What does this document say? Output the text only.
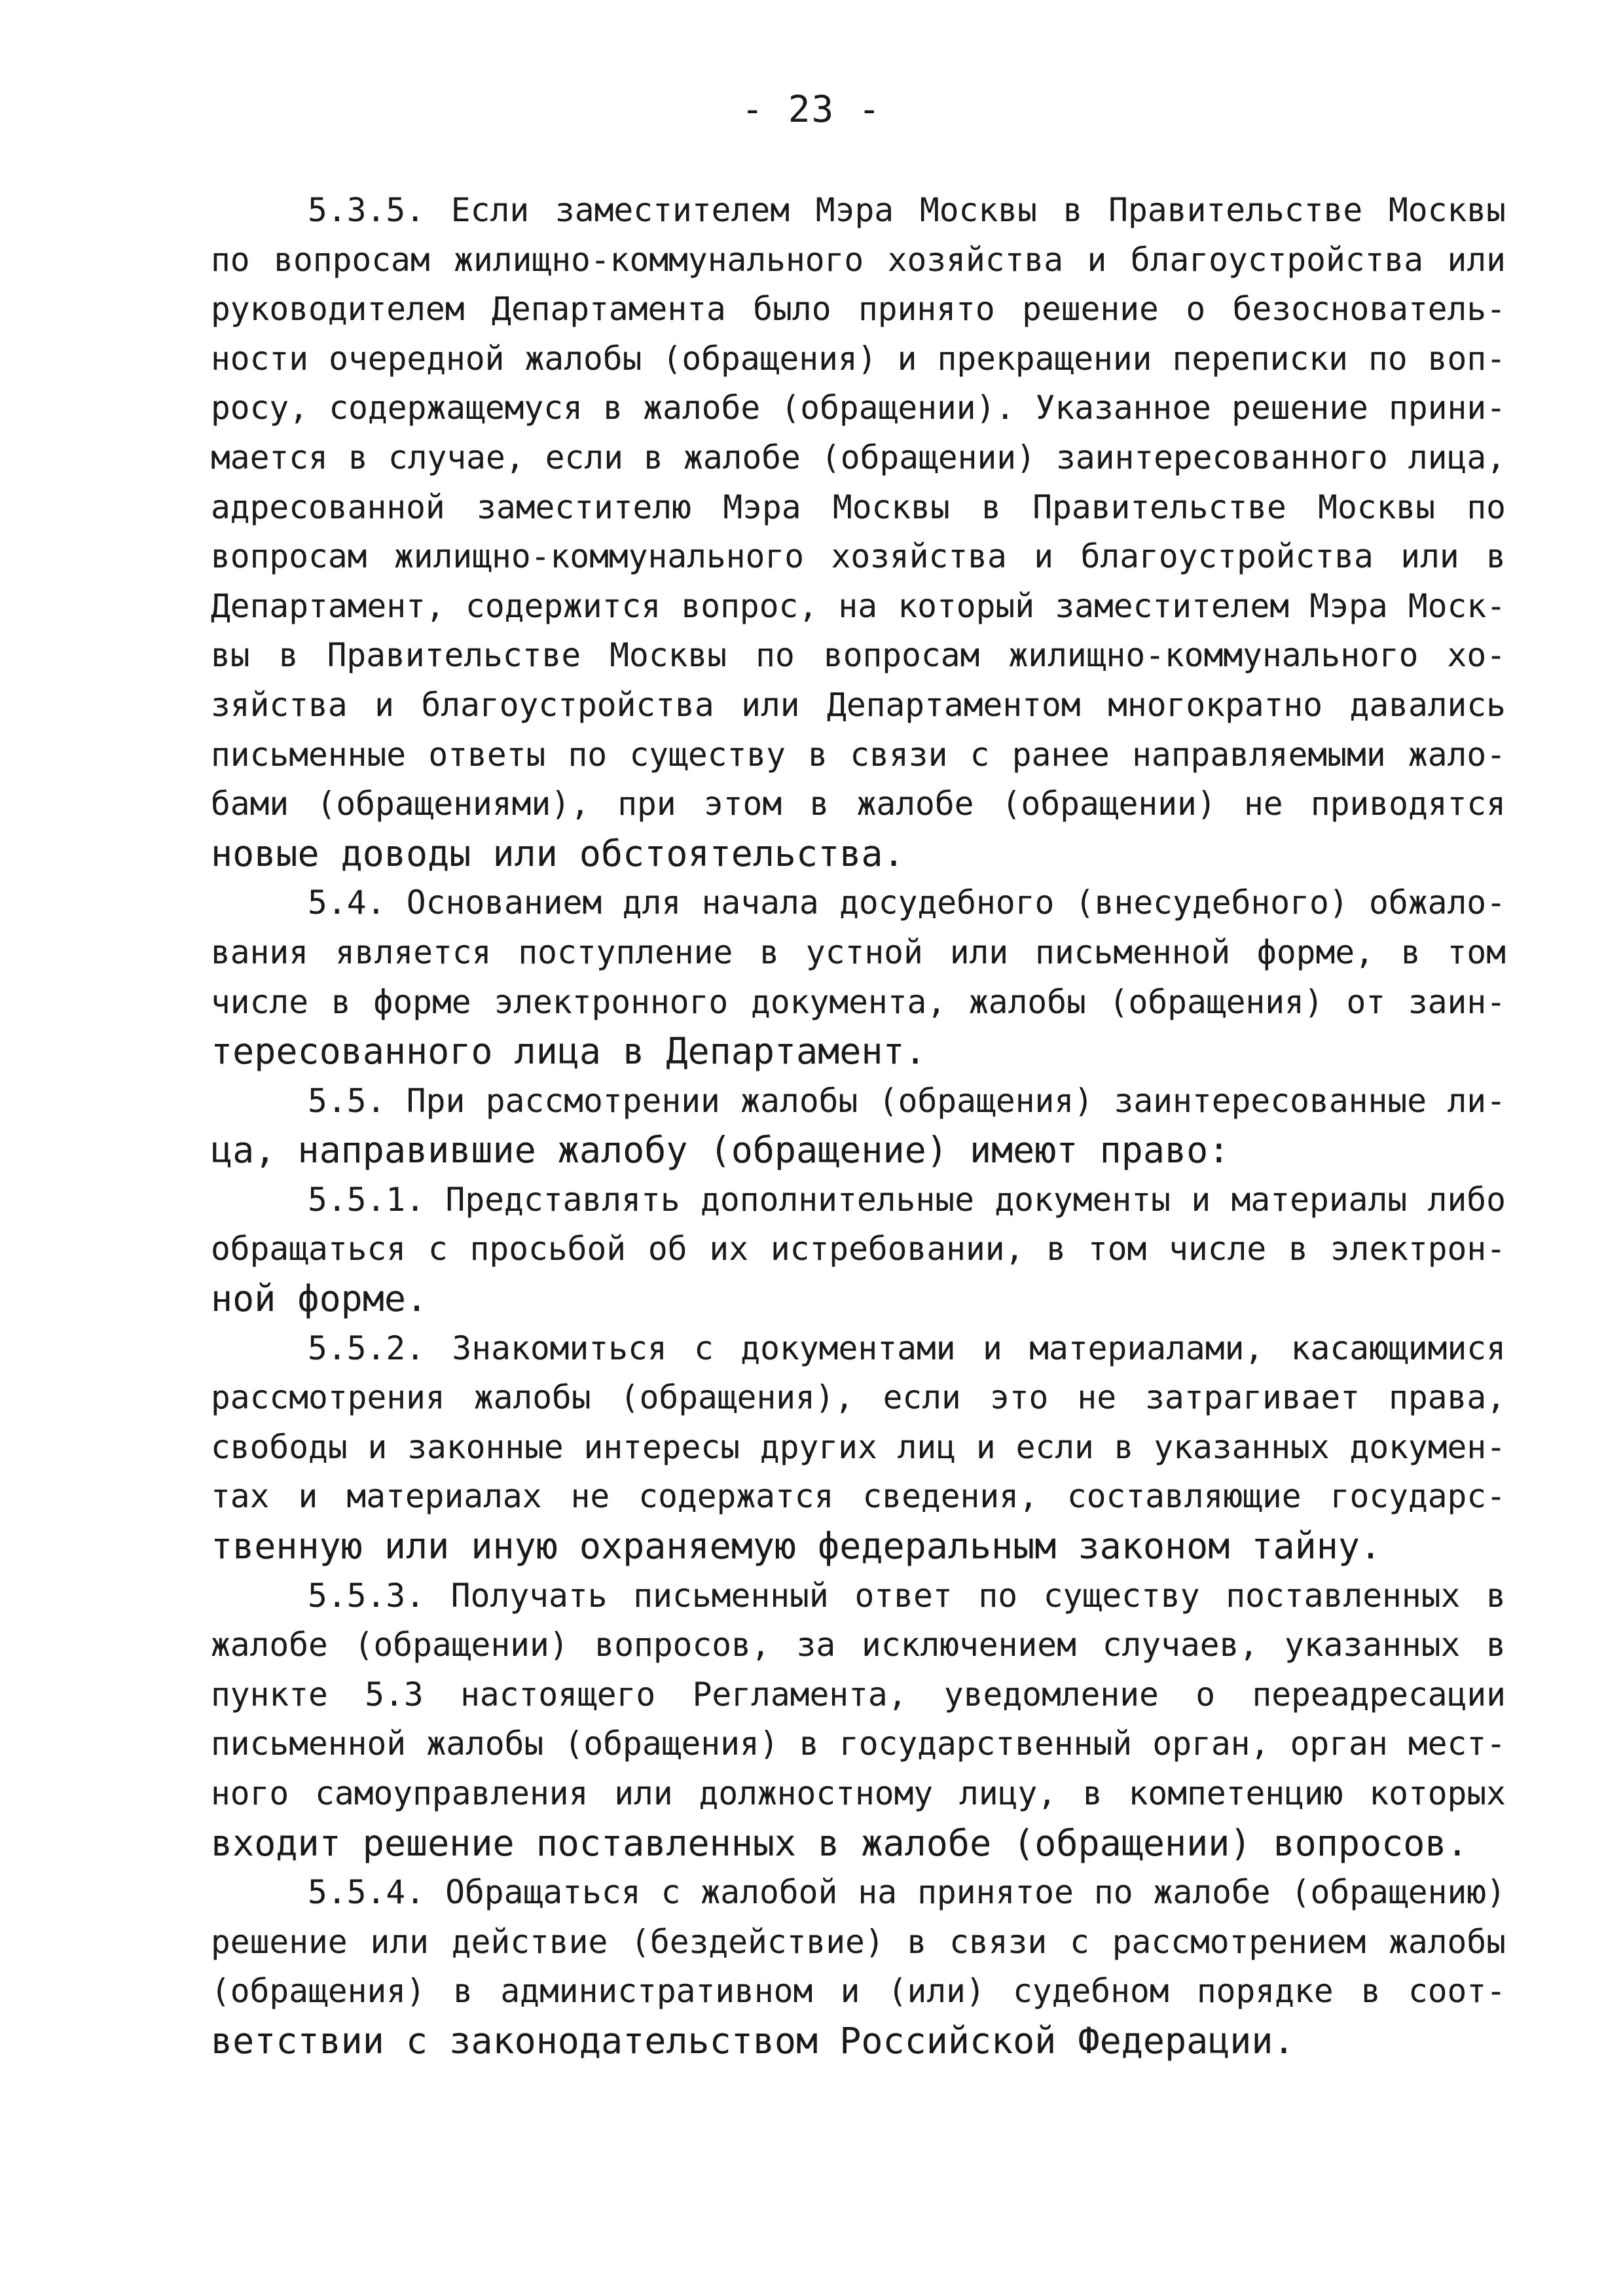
- 23 -
5.3.5. Если заместителем Мэра Москвы в Правительстве Москвы
по вопросам жилищно-коммунального хозяйства и благоустройства или
руководителем Департамента было принято решение о безоснователь-
ности очередной жалобы (обращения) и прекращении переписки по воп-
росу, содержащемуся в жалобе (обращении). Указанное решение прини-
мается в случае, если в жалобе (обращении) заинтересованного лица,
адресованной заместителю Мэра Москвы в Правительстве Москвы по
вопросам жилищно-коммунального хозяйства и благоустройства или в
Департамент, содержится вопрос, на который заместителем Мэра Моск-
вы в Правительстве Москвы по вопросам жилищно-коммунального хо-
зяйства и благоустройства или Департаментом многократно давались
письменные ответы по существу в связи с ранее направляемыми жало-
бами (обращениями), при этом в жалобе (обращении) не приводятся
новые доводы или обстоятельства.
5.4. Основанием для начала досудебного (внесудебного) обжало-
вания является поступление в устной или письменной форме, в том
числе в форме электронного документа, жалобы (обращения) от заин-
тересованного лица в Департамент.
5.5. При рассмотрении жалобы (обращения) заинтересованные ли-
ца, направившие жалобу (обращение) имеют право:
5.5.1. Представлять дополнительные документы и материалы либо
обращаться с просьбой об их истребовании, в том числе в электрон-
ной форме.
5.5.2. Знакомиться с документами и материалами, касающимися
рассмотрения жалобы (обращения), если это не затрагивает права,
свободы и законные интересы других лиц и если в указанных докумен-
тах и материалах не содержатся сведения, составляющие государс-
твенную или иную охраняемую федеральным законом тайну.
5.5.3. Получать письменный ответ по существу поставленных в
жалобе (обращении) вопросов, за исключением случаев, указанных в
пункте 5.3 настоящего Регламента, уведомление о переадресации
письменной жалобы (обращения) в государственный орган, орган мест-
ного самоуправления или должностному лицу, в компетенцию которых
входит решение поставленных в жалобе (обращении) вопросов.
5.5.4. Обращаться с жалобой на принятое по жалобе (обращению)
решение или действие (бездействие) в связи с рассмотрением жалобы
(обращения) в административном и (или) судебном порядке в соот-
ветствии с законодательством Российской Федерации.
